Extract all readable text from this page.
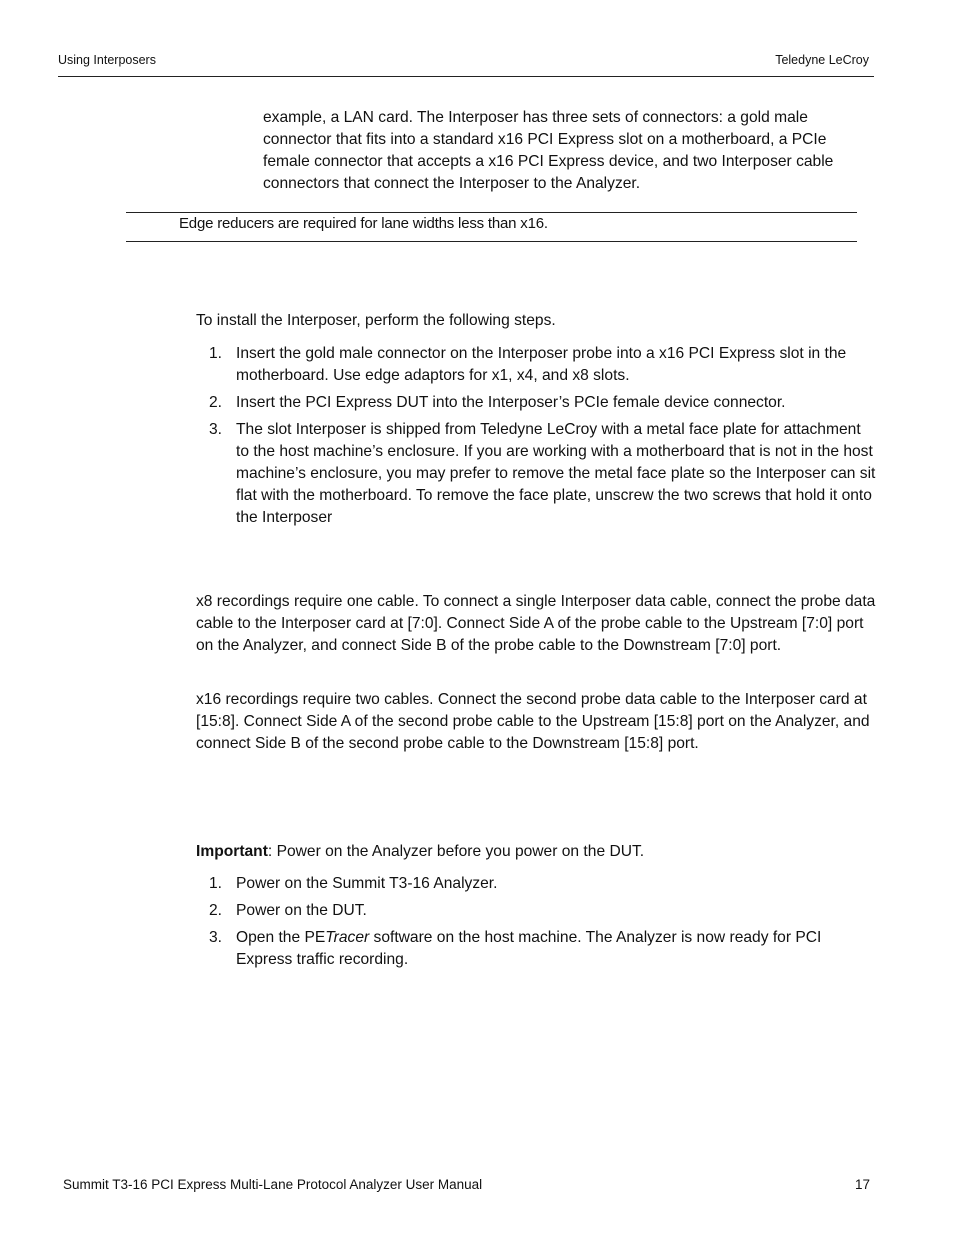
Using Interposers	Teledyne LeCroy
example, a LAN card. The Interposer has three sets of connectors: a gold male connector that fits into a standard x16 PCI Express slot on a motherboard, a PCIe female connector that accepts a x16 PCI Express device, and two Interposer cable connectors that connect the Interposer to the Analyzer.
Edge reducers are required for lane widths less than x16.
To install the Interposer, perform the following steps.
1. Insert the gold male connector on the Interposer probe into a x16 PCI Express slot in the motherboard. Use edge adaptors for x1, x4, and x8 slots.
2. Insert the PCI Express DUT into the Interposer’s PCIe female device connector.
3. The slot Interposer is shipped from Teledyne LeCroy with a metal face plate for attachment to the host machine’s enclosure. If you are working with a motherboard that is not in the host machine’s enclosure, you may prefer to remove the metal face plate so the Interposer can sit flat with the motherboard. To remove the face plate, unscrew the two screws that hold it onto the Interposer
x8 recordings require one cable. To connect a single Interposer data cable, connect the probe data cable to the Interposer card at [7:0]. Connect Side A of the probe cable to the Upstream [7:0] port on the Analyzer, and connect Side B of the probe cable to the Downstream [7:0] port.
x16 recordings require two cables. Connect the second probe data cable to the Interposer card at [15:8]. Connect Side A of the second probe cable to the Upstream [15:8] port on the Analyzer, and connect Side B of the second probe cable to the Downstream [15:8] port.
Important: Power on the Analyzer before you power on the DUT.
1. Power on the Summit T3-16 Analyzer.
2. Power on the DUT.
3. Open the PETracer software on the host machine. The Analyzer is now ready for PCI Express traffic recording.
Summit T3-16 PCI Express Multi-Lane Protocol Analyzer User Manual	17
